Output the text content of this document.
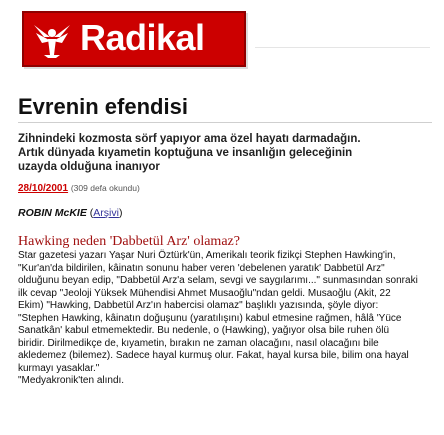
Radikal
Evrenin efendisi
Zihnindeki kozmosta sörf yapıyor ama özel hayatı darmadağın. Artık dünyada kıyametin koptuğuna ve insanlığın geleceğinin uzayda olduğuna inanıyor
28/10/2001 (309 defa okundu)
ROBIN McKIE (Arşivi)
Hawking neden 'Dabbetül Arz' olamaz?

Star gazetesi yazarı Yaşar Nuri Öztürk'ün, Amerikalı teorik fizikçi Stephen Hawking'in, "Kur'an'da bildirilen, kâinatın sonunu haber veren 'debelenen yaratık' Dabbetül Arz" olduğunu beyan edip, "Dabbetül Arz'a selam, sevgi ve saygılarımı..." sunmasından sonraki ilk cevap "Jeoloji Yüksek Mühendisi Ahmet Musaoğlu"ndan geldi. Musaoğlu (Akit, 22 Ekim) "Hawking, Dabbetül Arz'ın habercisi olamaz" başlıklı yazısında, şöyle diyor: "Stephen Hawking, kâinatın doğuşunu (yaratılışını) kabul etmesine rağmen, hâlâ 'Yüce Sanatkân' kabul etmemektedir. Bu nedenle, o (Hawking), yağıyor olsa bile ruhen ölü biridir. Dirilmedikçe de, kıyametin, bırakın ne zaman olacağını, nasıl olacağını bile akledemez (bilemez). Sadece hayal kurmuş olur. Fakat, hayal kursa bile, bilim ona hayal kurmayı yasaklar."

"Medyakronik'ten alındı.
